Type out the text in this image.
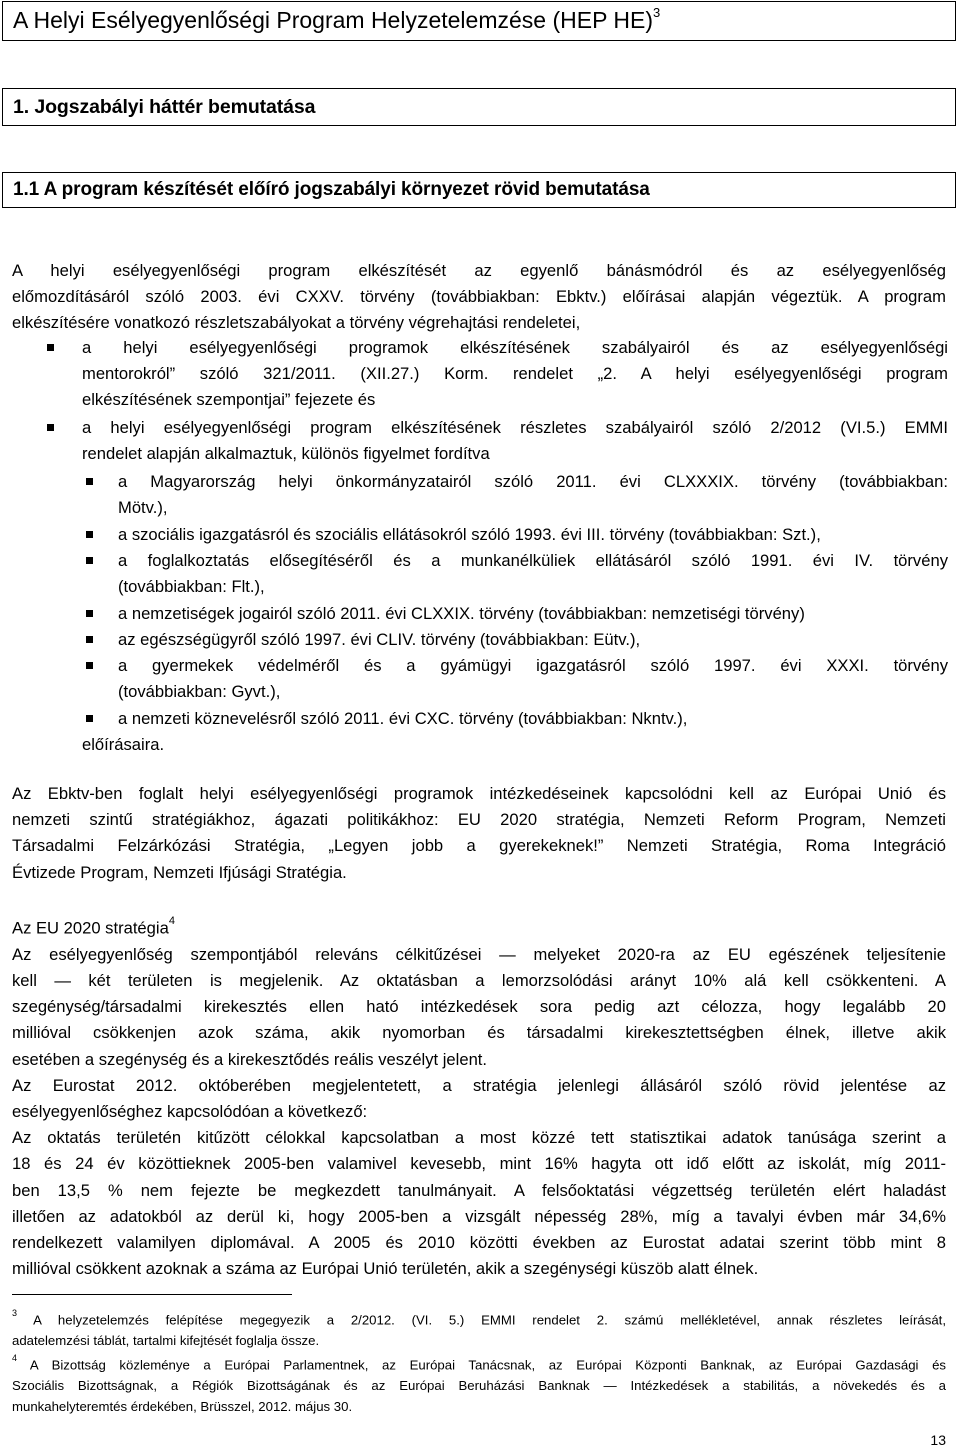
A Helyi Esélyegyenlőségi Program Helyzetelemzése (HEP HE)$^3$
1. Jogszabályi háttér bemutatása
1.1 A program készítését előíró jogszabályi környezet rövid bemutatása
A helyi esélyegyenlőségi program elkészítését az egyenlő bánásmódról és az esélyegyenlőség
előmozdításáról szóló 2003. évi CXXV. törvény (továbbiakban: Ebktv.) előírásai alapján végeztük. A program
elkészítésére vonatkozó részletszabályokat a törvény végrehajtási rendeletei,
a helyi esélyegyenlőségi programok elkészítésének szabályairól és az esélyegyenlőségi
mentorokról” szóló 321/2011. (XII.27.) Korm. rendelet „2. A helyi esélyegyenlőségi program
elkészítésének szempontjai” fejezete és
a helyi esélyegyenlőségi program elkészítésének részletes szabályairól szóló 2/2012 (VI.5.) EMMI
rendelet alapján alkalmaztuk, különös figyelmet fordítva
a Magyarország helyi önkormányzatairól szóló 2011. évi CLXXXIX. törvény (továbbiakban:
Mötv.),
a szociális igazgatásról és szociális ellátásokról szóló 1993. évi III. törvény (továbbiakban: Szt.),
a foglalkoztatás elősegítéséről és a munkanélküliek ellátásáról szóló 1991. évi IV. törvény
(továbbiakban: Flt.),
a nemzetiségek jogairól szóló 2011. évi CLXXIX. törvény (továbbiakban: nemzetiségi törvény)
az egészségügyről szóló 1997. évi CLIV. törvény (továbbiakban: Eütv.),
a gyermekek védelméről és a gyámügyi igazgatásról szóló 1997. évi XXXI. törvény
(továbbiakban: Gyvt.),
a nemzeti köznevelésről szóló 2011. évi CXC. törvény (továbbiakban: Nkntv.),
előírásaira.
Az Ebktv-ben foglalt helyi esélyegyenlőségi programok intézkedéseinek kapcsolódni kell az Európai Unió és
nemzeti szintű stratégiákhoz, ágazati politikákhoz: EU 2020 stratégia, Nemzeti Reform Program, Nemzeti
Társadalmi Felzárkózási Stratégia, „Legyen jobb a gyerekeknek!” Nemzeti Stratégia, Roma Integráció
Évtizede Program, Nemzeti Ifjúsági Stratégia.
Az EU 2020 stratégia$^4$
Az esélyegyenlőség szempontjából releváns célkitűzései — melyeket 2020-ra az EU egészének teljesítenie
kell — két területen is megjelenik. Az oktatásban a lemorzsolódási arányt 10% alá kell csökkenteni. A
szegénység/társadalmi kirekesztés ellen ható intézkedések sora pedig azt célozza, hogy legalább 20
millióval csökkenjen azok száma, akik nyomorban és társadalmi kirekesztettségben élnek, illetve akik
esetében a szegénység és a kirekesztődés reális veszélyt jelent.
Az Eurostat 2012. októberében megjelentetett, a stratégia jelenlegi állásáról szóló rövid jelentése az
esélyegyenlőséghez kapcsolódóan a következő:
Az oktatás területén kitűzött célokkal kapcsolatban a most közzé tett statisztikai adatok tanúsága szerint a
18 és 24 év közöttieknek 2005-ben valamivel kevesebb, mint 16% hagyta ott idő előtt az iskolát, míg 2011-
ben 13,5 % nem fejezte be megkezdett tanulmányait. A felsőoktatási végzettség területén elért haladást
illetően az adatokból az derül ki, hogy 2005-ben a vizsgált népesség 28%, míg a tavalyi évben már 34,6%
rendelkezett valamilyen diplomával. A 2005 és 2010 közötti években az Eurostat adatai szerint több mint 8
millióval csökkent azoknak a száma az Európai Unió területén, akik a szegénységi küszöb alatt élnek.
$^3$ A helyzetelemzés felépítése megegyezik a 2/2012. (VI. 5.) EMMI rendelet 2. számú mellékletével, annak részletes leírását,
adatelemzési táblát, tartalmi kifejtését foglalja össze.
$^4$ A Bizottság közleménye a Európai Parlamentnek, az Európai Tanácsnak, az Európai Központi Banknak, az Európai Gazdasági és
Szociális Bizottságnak, a Régiók Bizottságának és az Európai Beruházási Banknak — Intézkedések a stabilitás, a növekedés és a
munkahelyteremtés érdekében, Brüsszel, 2012. május 30.
13
